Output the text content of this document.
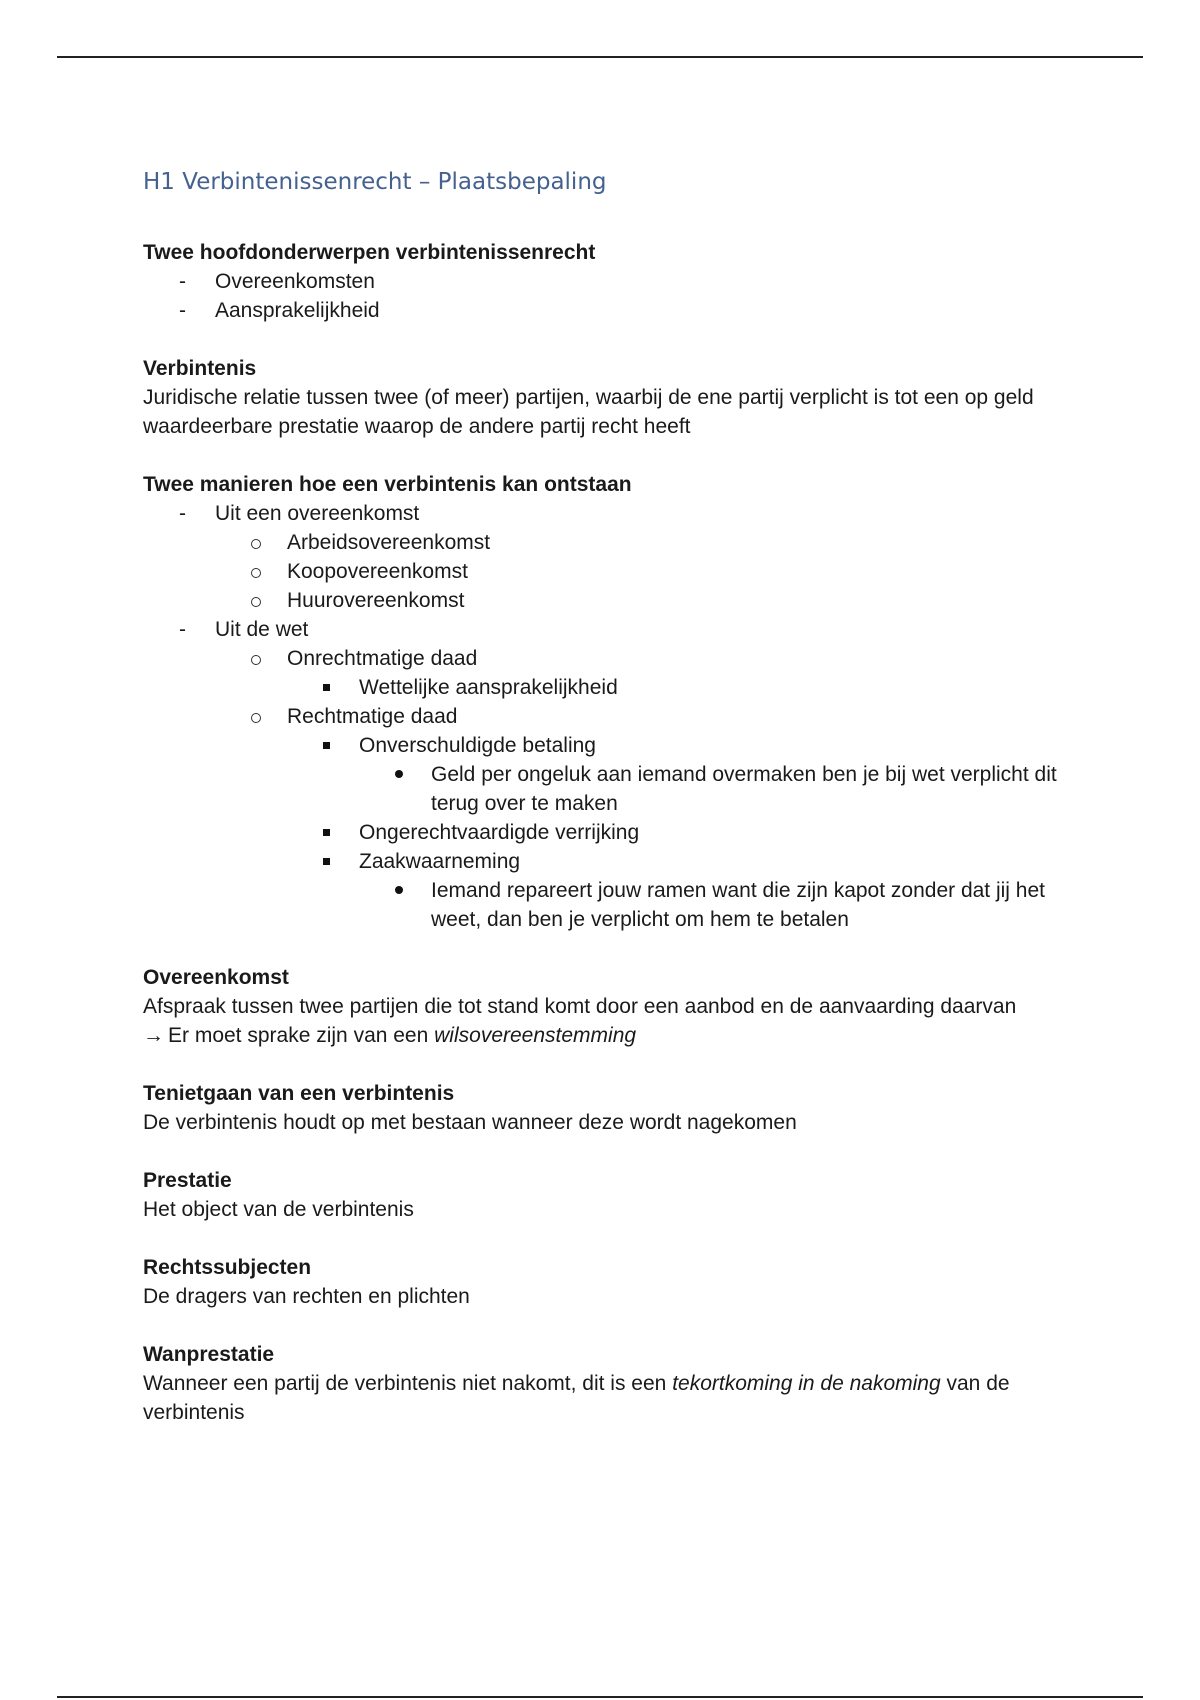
H1 Verbintenissenrecht – Plaatsbepaling
Twee hoofdonderwerpen verbintenissenrecht
-
Overeenkomsten
-
Aansprakelijkheid
Verbintenis
Juridische relatie tussen twee (of meer) partijen, waarbij de ene partij verplicht is tot een op geld waardeerbare prestatie waarop de andere partij recht heeft
Twee manieren hoe een verbintenis kan ontstaan
-
Uit een overeenkomst
Arbeidsovereenkomst
Koopovereenkomst
Huurovereenkomst
-
Uit de wet
Onrechtmatige daad
Wettelijke aansprakelijkheid
Rechtmatige daad
Onverschuldigde betaling
Geld per ongeluk aan iemand overmaken ben je bij wet verplicht dit terug over te maken
Ongerechtvaardigde verrijking
Zaakwaarneming
Iemand repareert jouw ramen want die zijn kapot zonder dat jij het weet, dan ben je verplicht om hem te betalen
Overeenkomst
Afspraak tussen twee partijen die tot stand komt door een aanbod en de aanvaarding daarvan
→ Er moet sprake zijn van een wilsovereenstemming
Tenietgaan van een verbintenis
De verbintenis houdt op met bestaan wanneer deze wordt nagekomen
Prestatie
Het object van de verbintenis
Rechtssubjecten
De dragers van rechten en plichten
Wanprestatie
Wanneer een partij de verbintenis niet nakomt, dit is een tekortkoming in de nakoming van de verbintenis
